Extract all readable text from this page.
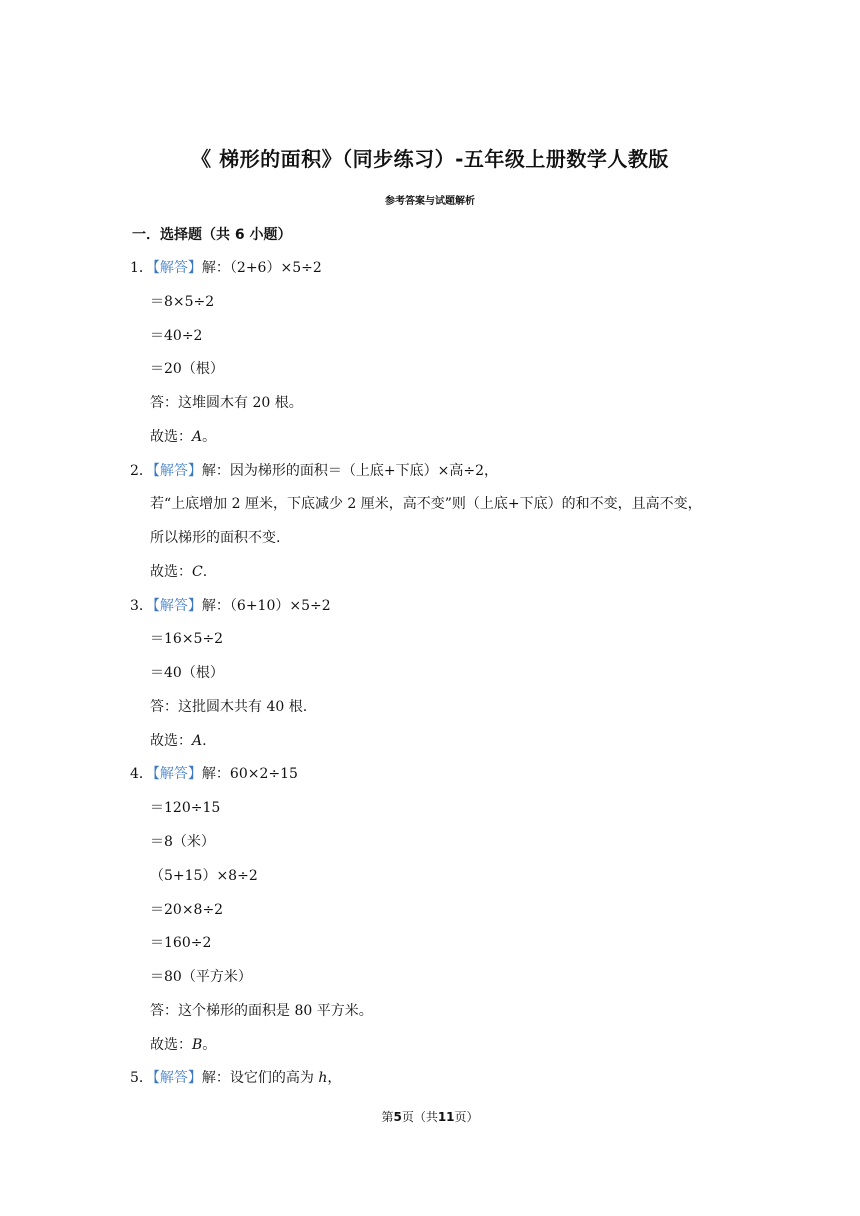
《 梯形的面积》（同步练习）-五年级上册数学人教版
参考答案与试题解析
一．选择题（共 6 小题）
1．【解答】解：（2+6）×5÷2
＝8×5÷2
＝40÷2
＝20（根）
答：这堆圆木有 20 根。
故选：A。
2．【解答】解：因为梯形的面积＝（上底+下底）×高÷2，
若“上底增加 2 厘米，下底减少 2 厘米，高不变”则（上底+下底）的和不变，且高不变，
所以梯形的面积不变.
故选：C.
3．【解答】解：（6+10）×5÷2
＝16×5÷2
＝40（根）
答：这批圆木共有 40 根.
故选：A.
4．【解答】解：60×2÷15
＝120÷15
＝8（米）
（5+15）×8÷2
＝20×8÷2
＝160÷2
＝80（平方米）
答：这个梯形的面积是 80 平方米。
故选：B。
5．【解答】解：设它们的高为 h，
第5页（共11页）
